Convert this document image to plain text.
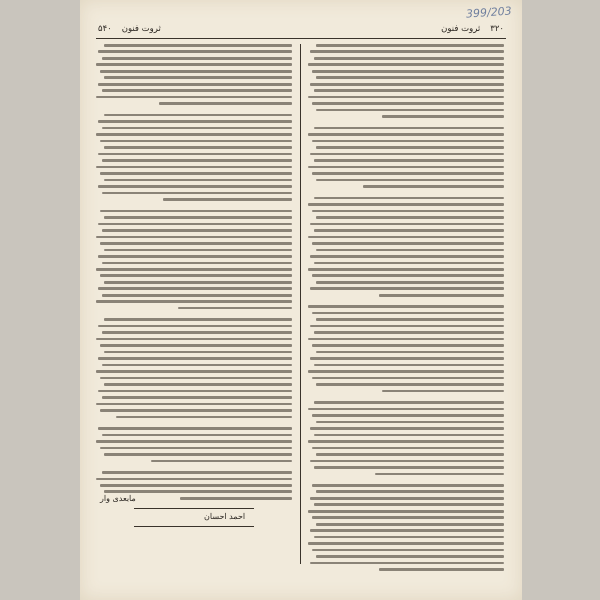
399/203
۳۲۰
ثروت فنون
ثروت فنون
۵۴۰
مابعدی وار
احمد احسان
